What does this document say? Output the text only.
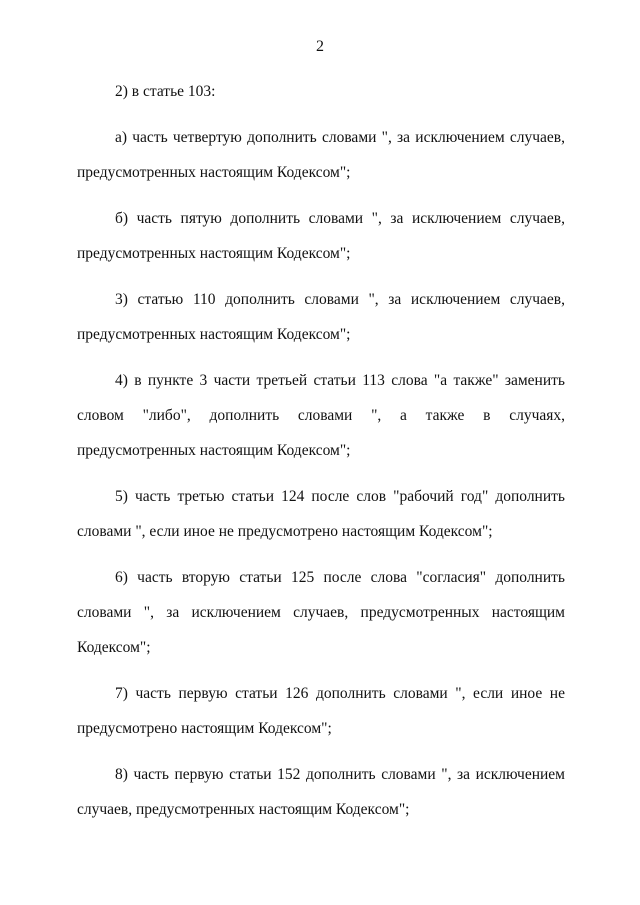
2

2) в статье 103:

а) часть четвертую дополнить словами ", за исключением случаев, предусмотренных настоящим Кодексом";

б) часть пятую дополнить словами ", за исключением случаев, предусмотренных настоящим Кодексом";

3) статью 110 дополнить словами ", за исключением случаев, предусмотренных настоящим Кодексом";

4) в пункте 3 части третьей статьи 113 слова "а также" заменить словом "либо", дополнить словами ", а также в случаях, предусмотренных настоящим Кодексом";

5) часть третью статьи 124 после слов "рабочий год" дополнить словами ", если иное не предусмотрено настоящим Кодексом";

6) часть вторую статьи 125 после слова "согласия" дополнить словами ", за исключением случаев, предусмотренных настоящим Кодексом";

7) часть первую статьи 126 дополнить словами ", если иное не предусмотрено настоящим Кодексом";

8) часть первую статьи 152 дополнить словами ", за исключением случаев, предусмотренных настоящим Кодексом";
